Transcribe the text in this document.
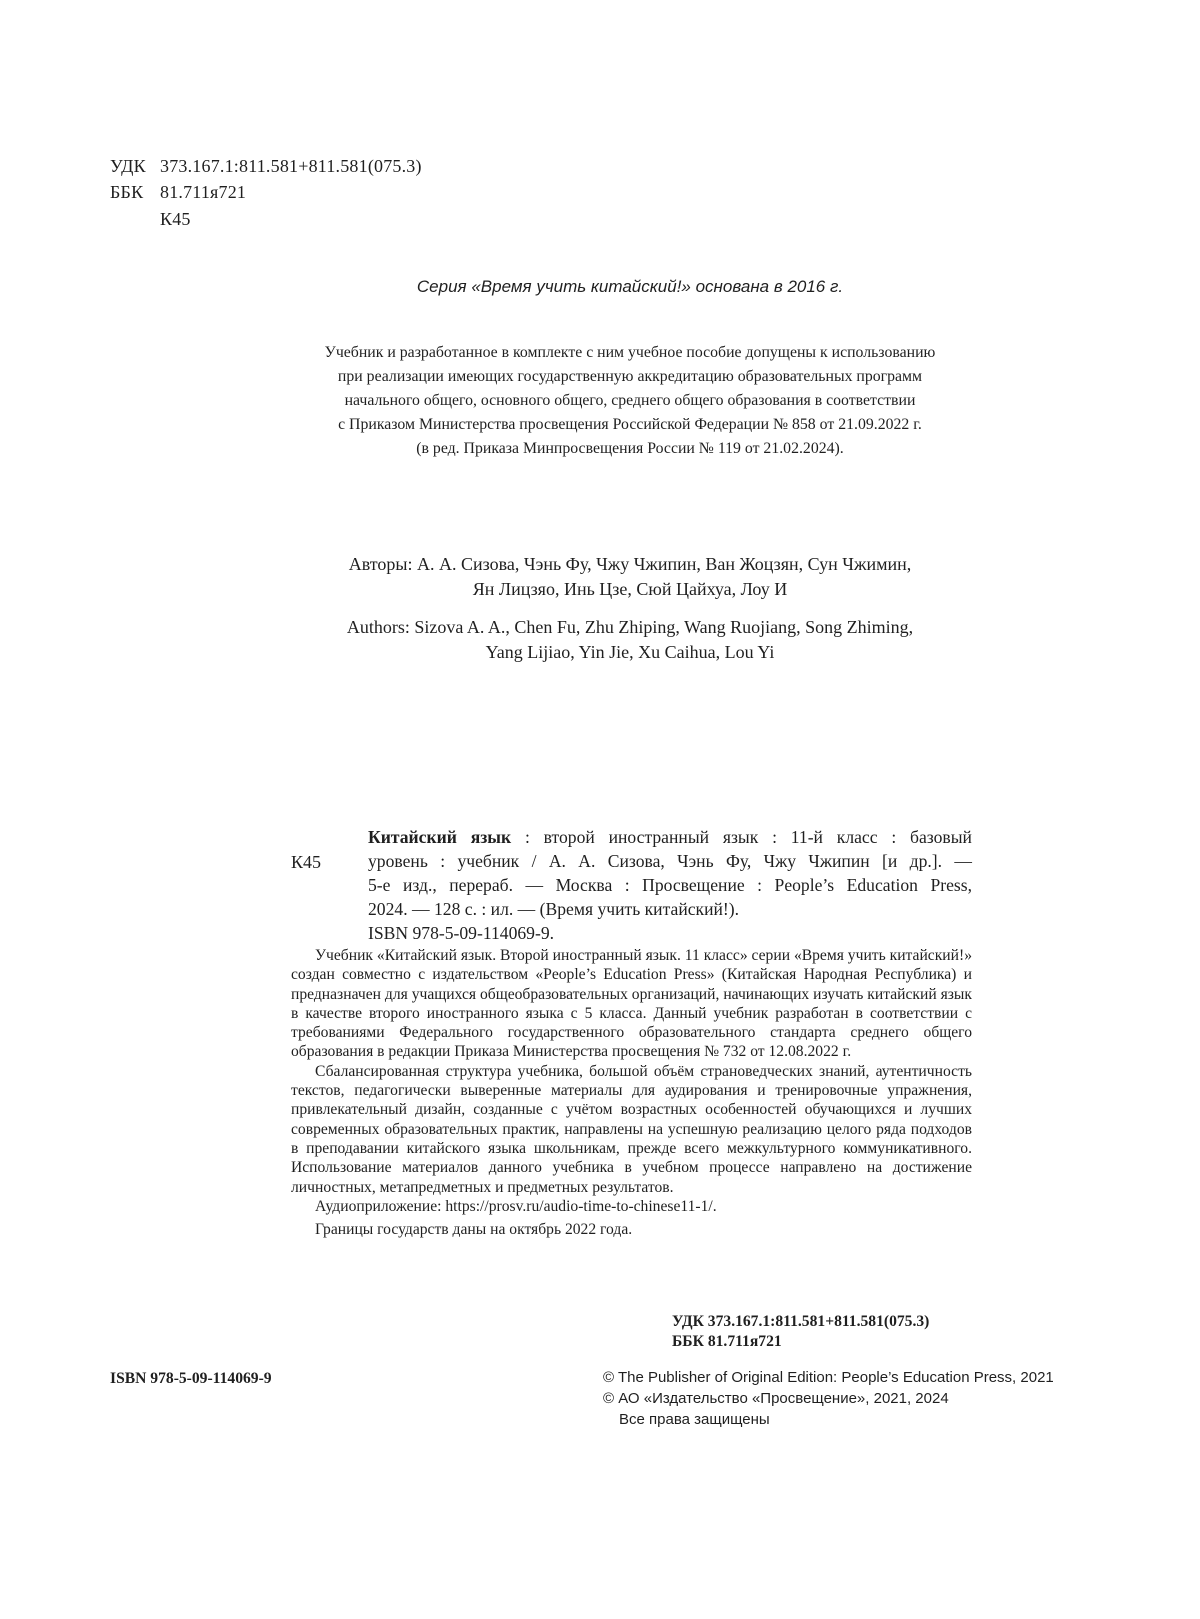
УДК 373.167.1:811.581+811.581(075.3)
ББК 81.711я721
К45
Серия «Время учить китайский!» основана в 2016 г.
Учебник и разработанное в комплекте с ним учебное пособие допущены к использованию
при реализации имеющих государственную аккредитацию образовательных программ
начального общего, основного общего, среднего общего образования в соответствии
с Приказом Министерства просвещения Российской Федерации № 858 от 21.09.2022 г.
(в ред. Приказа Минпросвещения России № 119 от 21.02.2024).
Авторы: А. А. Сизова, Чэнь Фу, Чжу Чжипин, Ван Жоцзян, Сун Чжимин,
Ян Лицзяо, Инь Цзе, Сюй Цайхуа, Лоу И
Authors: Sizova A. A., Chen Fu, Zhu Zhiping, Wang Ruojiang, Song Zhiming,
Yang Lijiao, Yin Jie, Xu Caihua, Lou Yi
К45
Китайский язык : второй иностранный язык : 11-й класс : базовый
уровень : учебник / А. А. Сизова, Чэнь Фу, Чжу Чжипин [и др.]. —
5-е изд., перераб. — Москва : Просвещение : People’s Education Press,
2024. — 128 с. : ил. — (Время учить китайский!).
ISBN 978-5-09-114069-9.

Учебник «Китайский язык. Второй иностранный язык. 11 класс» серии «Время учить китайский!» создан совместно с издательством «People’s Education Press» (Китайская Народная Республика) и предназначен для учащихся общеобразовательных организаций, начинающих изучать китайский язык в качестве второго иностранного языка с 5 класса. Данный учебник разработан в соответствии с требованиями Федерального государственного образовательного стандарта среднего общего образования в редакции Приказа Министерства просвещения № 732 от 12.08.2022 г.

Сбалансированная структура учебника, большой объём страноведческих знаний, аутентичность текстов, педагогически выверенные материалы для аудирования и тренировочные упражнения, привлекательный дизайн, созданные с учётом возрастных особенностей обучающихся и лучших современных образовательных практик, направлены на успешную реализацию целого ряда подходов в преподавании китайского языка школьникам, прежде всего межкультурного коммуникативного. Использование материалов данного учебника в учебном процессе направлено на достижение личностных, метапредметных и предметных результатов.

Аудиоприложение: https://prosv.ru/audio-time-to-chinese11-1/.

Границы государств даны на октябрь 2022 года.

УДК 373.167.1:811.581+811.581(075.3)
ББК 81.711я721
ISBN 978-5-09-114069-9	© The Publisher of Original Edition: People’s Education Press, 2021
© АО «Издательство «Просвещение», 2021, 2024
Все права защищены
